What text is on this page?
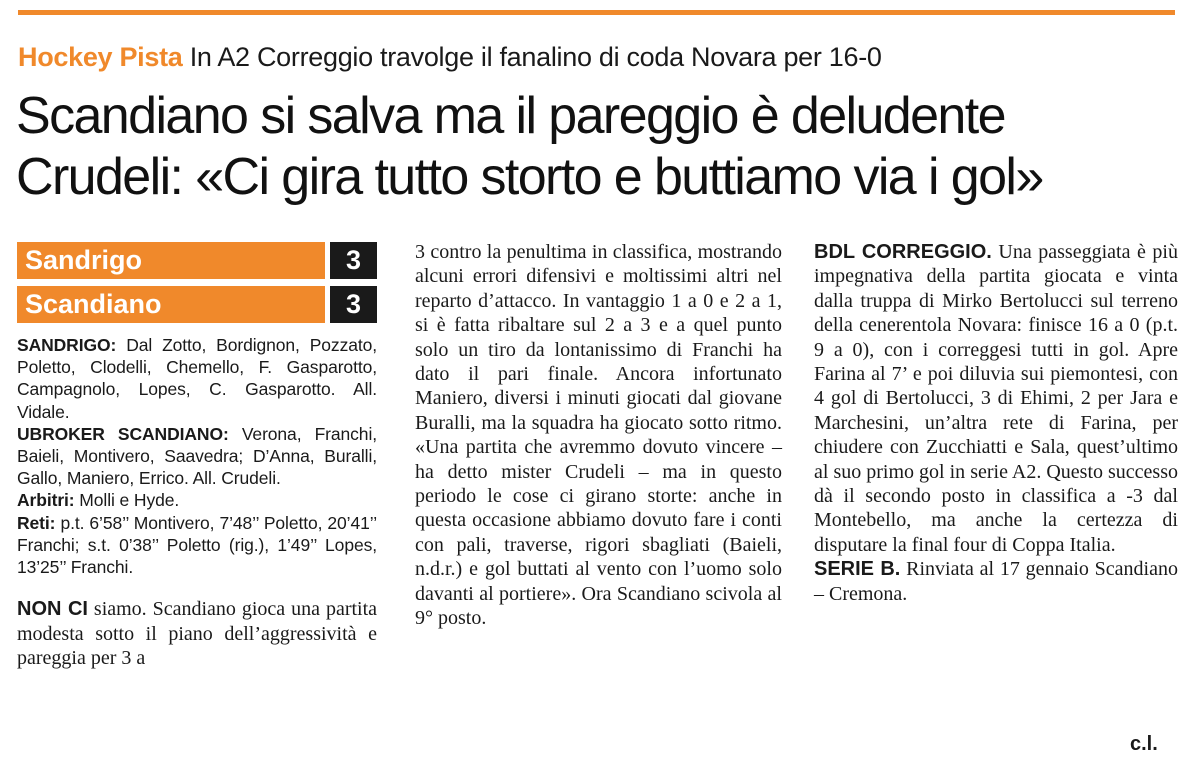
Hockey Pista In A2 Correggio travolge il fanalino di coda Novara per 16-0
Scandiano si salva ma il pareggio è deludente
Crudeli: «Ci gira tutto storto e buttiamo via i gol»
Sandrigo	3
Scandiano	3

SANDRIGO: Dal Zotto, Bordignon, Pozzato, Poletto, Clodelli, Chemello, F. Gasparotto, Campagnolo, Lopes, C. Gasparotto. All. Vidale.

UBROKER SCANDIANO: Verona, Franchi, Baieli, Montivero, Saavedra; D’Anna, Buralli, Gallo, Maniero, Errico. All. Crudeli.

Arbitri: Molli e Hyde.

Reti: p.t. 6’58’’ Montivero, 7’48’’ Poletto, 20’41’’ Franchi; s.t. 0’38’’ Poletto (rig.), 1’49’’ Lopes, 13’25’’ Franchi.

NON CI siamo. Scandiano gioca una partita modesta sotto il piano dell’aggressività e pareggia per 3 a

3 contro la penultima in classifica, mostrando alcuni errori difensivi e moltissimi altri nel reparto d’attacco. In vantaggio 1 a 0 e 2 a 1, si è fatta ribaltare sul 2 a 3 e a quel punto solo un tiro da lontanissimo di Franchi ha dato il pari finale. Ancora infortunato Maniero, diversi i minuti giocati dal giovane Buralli, ma la squadra ha giocato sotto ritmo. «Una partita che avremmo dovuto vincere – ha detto mister Crudeli – ma in questo periodo le cose ci girano storte: anche in questa occasione abbiamo dovuto fare i conti con pali, traverse, rigori sbagliati (Baieli, n.d.r.) e gol buttati al vento con l’uomo solo davanti al portiere». Ora Scandiano scivola al 9° posto.

BDL CORREGGIO. Una passeggiata è più impegnativa della partita giocata e vinta dalla truppa di Mirko Bertolucci sul terreno della cenerentola Novara: finisce 16 a 0 (p.t. 9 a 0), con i correggesi tutti in gol. Apre Farina al 7’ e poi diluvia sui piemontesi, con 4 gol di Bertolucci, 3 di Ehimi, 2 per Jara e Marchesini, un’altra rete di Farina, per chiudere con Zucchiatti e Sala, quest’ultimo al suo primo gol in serie A2. Questo successo dà il secondo posto in classifica a -3 dal Montebello, ma anche la certezza di disputare la final four di Coppa Italia.

SERIE B. Rinviata al 17 gennaio Scandiano – Cremona.

c.l.
